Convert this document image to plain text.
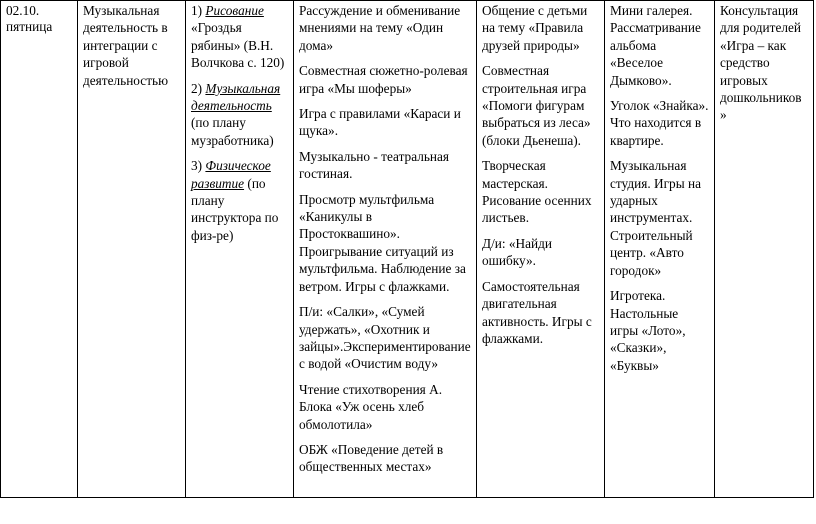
02.10.
пятница

Музыкальная деятельность в интеграции с игровой деятельностью

1) Рисование «Гроздья рябины» (В.Н. Волчкова с. 120)
2) Музыкальная деятельность (по плану музработника)
3) Физическое развитие (по плану инструктора по физ-ре)

Рассуждение и обменивание мнениями на тему «Один дома»
Совместная сюжетно-ролевая игра «Мы шоферы»
Игра с правилами «Караси и щука».
Музыкально - театральная гостиная.
Просмотр мультфильма «Каникулы в Простоквашино». Проигрывание ситуаций из мультфильма. Наблюдение за ветром. Игры с флажками.
П/и: «Салки», «Сумей удержать», «Охотник и зайцы».Экспериментирование с водой «Очистим воду»
Чтение стихотворения А. Блока «Уж осень хлеб обмолотила»
ОБЖ «Поведение детей в общественных местах»

Общение с детьми на тему «Правила друзей природы»
Совместная строительная игра «Помоги фигурам выбраться из леса» (блоки Дьенеша).
Творческая мастерская. Рисование осенних листьев.
Д/и: «Найди ошибку».
Самостоятельная двигательная активность. Игры с флажками.

Мини галерея. Рассматривание альбома «Веселое Дымково».
Уголок «Знайка». Что находится в квартире.
Музыкальная студия. Игры на ударных инструментах. Строительный центр. «Авто городок»
Игротека. Настольные игры «Лото», «Сказки», «Буквы»

Консультация для родителей «Игра – как средство игровых дошкольников»
